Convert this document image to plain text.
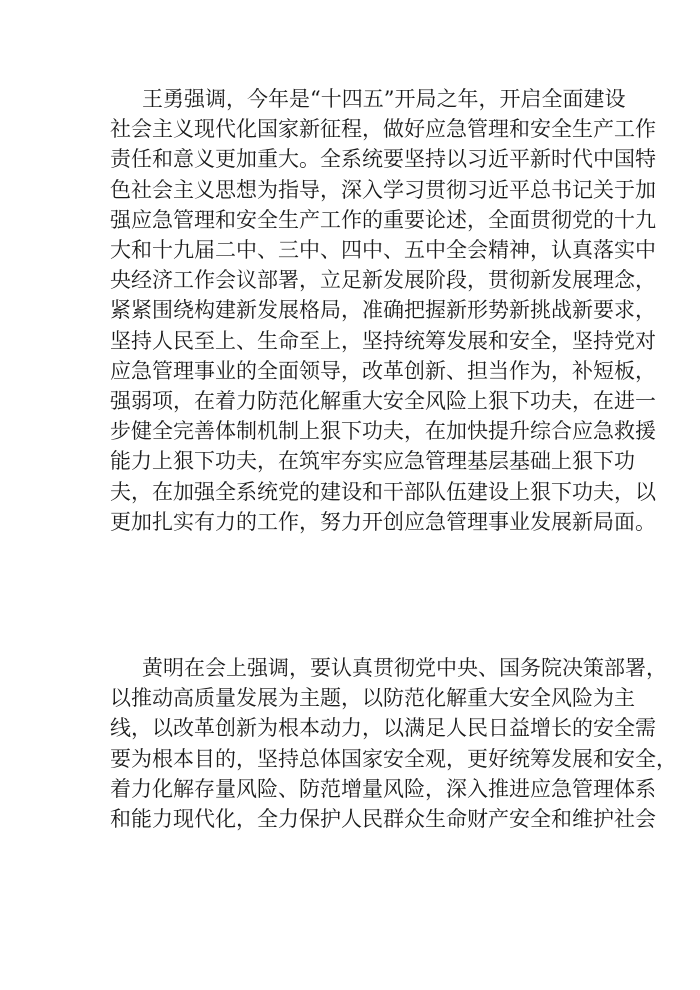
王勇强调，今年是“十四五”开局之年，开启全面建设
社会主义现代化国家新征程，做好应急管理和安全生产工作
责任和意义更加重大。全系统要坚持以习近平新时代中国特
色社会主义思想为指导，深入学习贯彻习近平总书记关于加
强应急管理和安全生产工作的重要论述，全面贯彻党的十九
大和十九届二中、三中、四中、五中全会精神，认真落实中
央经济工作会议部署，立足新发展阶段，贯彻新发展理念，
紧紧围绕构建新发展格局，准确把握新形势新挑战新要求，
坚持人民至上、生命至上，坚持统筹发展和安全，坚持党对
应急管理事业的全面领导，改革创新、担当作为，补短板，
强弱项，在着力防范化解重大安全风险上狠下功夫，在进一
步健全完善体制机制上狠下功夫，在加快提升综合应急救援
能力上狠下功夫，在筑牢夯实应急管理基层基础上狠下功
夫，在加强全系统党的建设和干部队伍建设上狠下功夫，以
更加扎实有力的工作，努力开创应急管理事业发展新局面。

黄明在会上强调，要认真贯彻党中央、国务院决策部署，
以推动高质量发展为主题，以防范化解重大安全风险为主
线，以改革创新为根本动力，以满足人民日益增长的安全需
要为根本目的，坚持总体国家安全观，更好统筹发展和安全，
着力化解存量风险、防范增量风险，深入推进应急管理体系
和能力现代化，全力保护人民群众生命财产安全和维护社会
